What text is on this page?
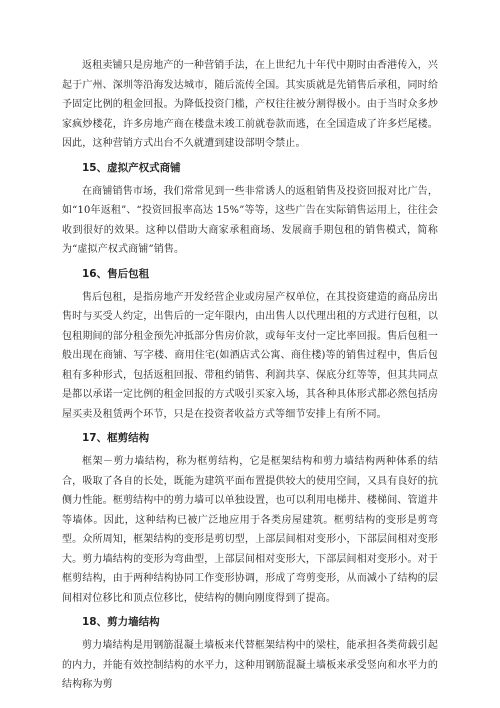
返租卖铺只是房地产的一种营销手法，在上世纪九十年代中期时由香港传入，兴起于广州、深圳等沿海发达城市，随后流传全国。其实质就是先销售后承租，同时给予固定比例的租金回报。为降低投资门槛，产权往往被分割得极小。由于当时众多炒家疯炒楼花，许多房地产商在楼盘未竣工前就卷款而逃，在全国造成了许多烂尾楼。因此，这种营销方式出台不久就遭到建设部明令禁止。

15、虚拟产权式商铺

在商铺销售市场，我们常常见到一些非常诱人的返租销售及投资回报对比广告，如“10年返租”、“投资回报率高达 15%”等等，这些广告在实际销售运用上，往往会收到很好的效果。这种以借助大商家承租商场、发展商手期包租的销售模式，简称为“虚拟产权式商铺”销售。

16、售后包租

售后包租，是指房地产开发经营企业或房屋产权单位，在其投资建造的商品房出售时与买受人约定，出售后的一定年限内，由出售人以代理出租的方式进行包租，以包租期间的部分租金预先冲抵部分售房价款，或每年支付一定比率回报。售后包租一般出现在商铺、写字楼、商用住宅(如酒店式公寓、商住楼)等的销售过程中，售后包租有多种形式，包括返租回报、带租约销售、利润共享、保底分红等等，但其共同点是都以承诺一定比例的租金回报的方式吸引买家入场，其各种具体形式都必然包括房屋买卖及租赁两个环节，只是在投资者收益方式等细节安排上有所不同。

17、框剪结构

框架－剪力墙结构，称为框剪结构，它是框架结构和剪力墙结构两种体系的结合，吸取了各自的长处，既能为建筑平面布置提供较大的使用空间，又具有良好的抗侧力性能。框剪结构中的剪力墙可以单独设置，也可以利用电梯井、楼梯间、管道井等墙体。因此，这种结构已被广泛地应用于各类房屋建筑。框剪结构的变形是剪弯型。众所周知，框架结构的变形是剪切型，上部层间相对变形小，下部层间相对变形大。剪力墙结构的变形为弯曲型，上部层间相对变形大，下部层间相对变形小。对于框剪结构，由于两种结构协同工作变形协调，形成了弯剪变形，从而减小了结构的层间相对位移比和顶点位移比，使结构的侧向刚度得到了提高。

18、剪力墙结构

剪力墙结构是用钢筋混凝土墙板来代替框架结构中的梁柱，能承担各类荷载引起的内力，并能有效控制结构的水平力，这种用钢筋混凝土墙板来承受竖向和水平力的结构称为剪
